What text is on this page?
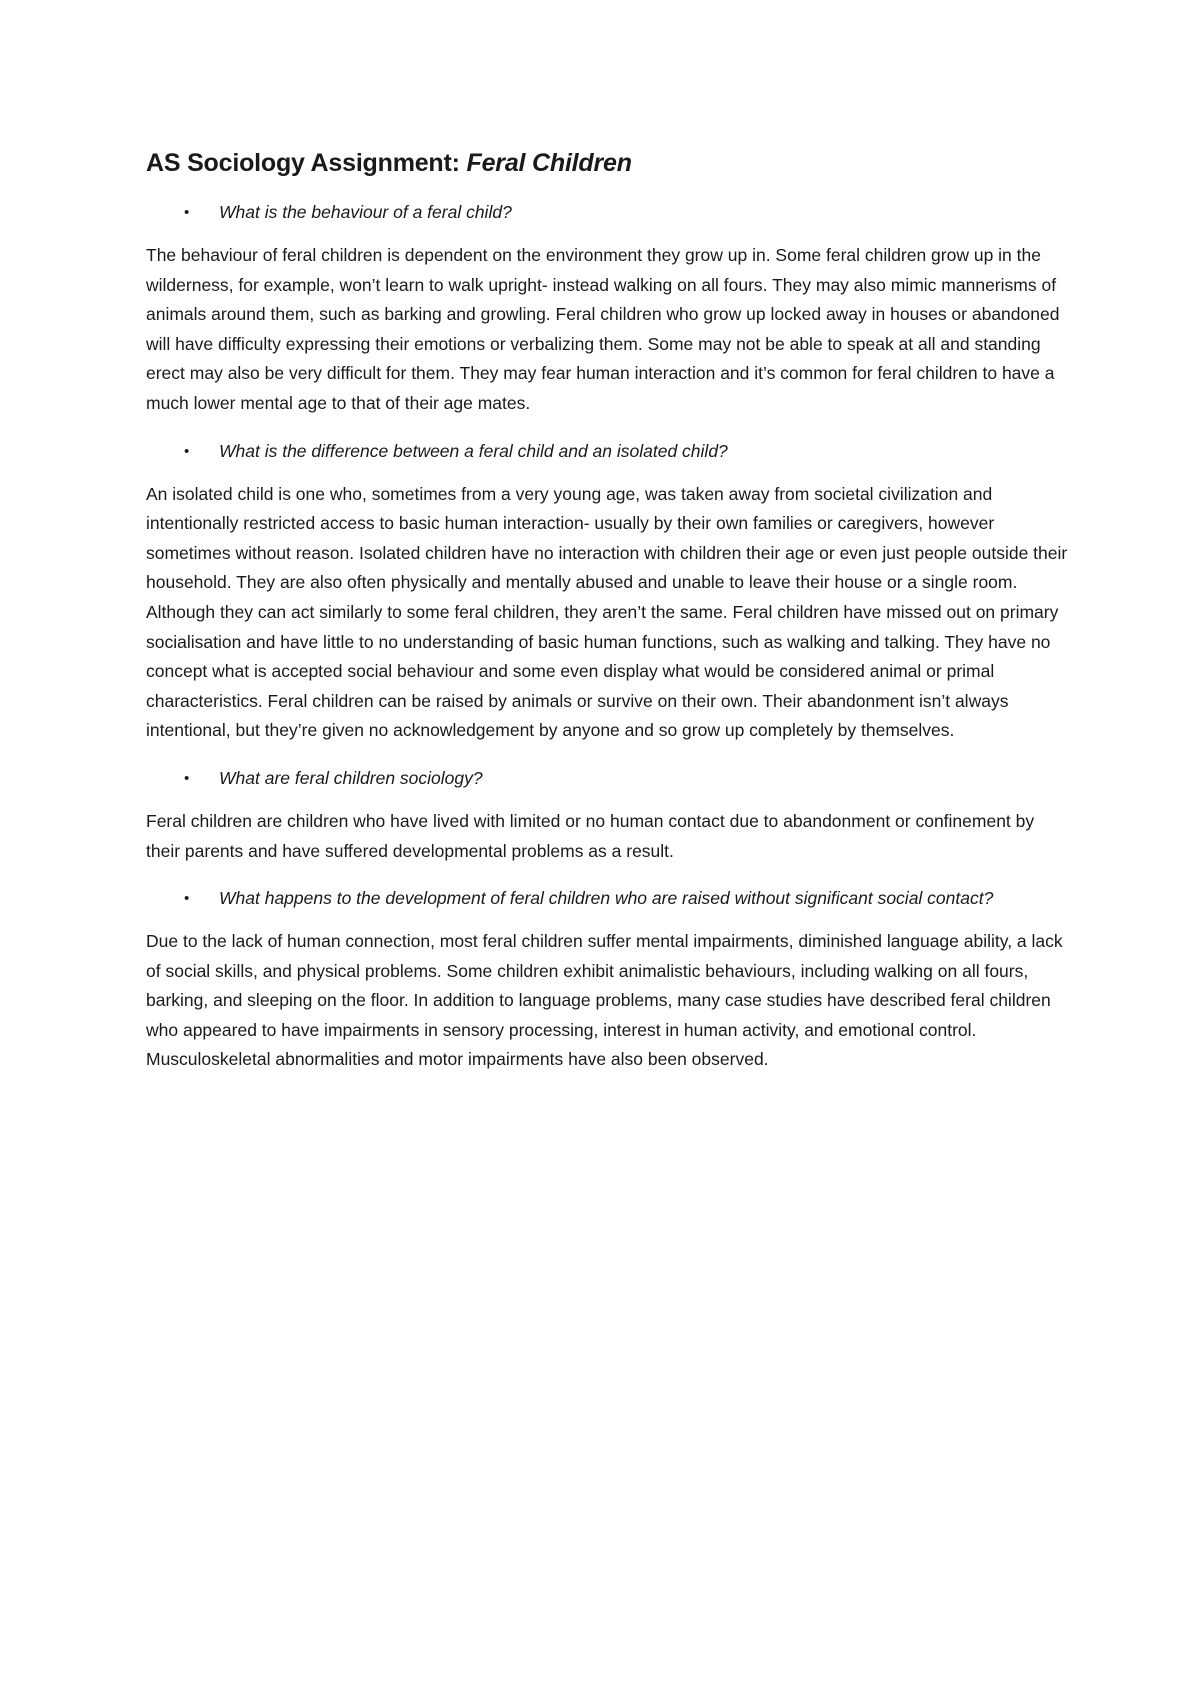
AS Sociology Assignment: Feral Children
• What is the behaviour of a feral child?

The behaviour of feral children is dependent on the environment they grow up in. Some feral children grow up in the wilderness, for example, won’t learn to walk upright- instead walking on all fours. They may also mimic mannerisms of animals around them, such as barking and growling. Feral children who grow up locked away in houses or abandoned will have difficulty expressing their emotions or verbalizing them. Some may not be able to speak at all and standing erect may also be very difficult for them. They may fear human interaction and it’s common for feral children to have a much lower mental age to that of their age mates.

• What is the difference between a feral child and an isolated child?

An isolated child is one who, sometimes from a very young age, was taken away from societal civilization and intentionally restricted access to basic human interaction- usually by their own families or caregivers, however sometimes without reason. Isolated children have no interaction with children their age or even just people outside their household. They are also often physically and mentally abused and unable to leave their house or a single room. Although they can act similarly to some feral children, they aren’t the same. Feral children have missed out on primary socialisation and have little to no understanding of basic human functions, such as walking and talking. They have no concept what is accepted social behaviour and some even display what would be considered animal or primal characteristics. Feral children can be raised by animals or survive on their own. Their abandonment isn’t always intentional, but they’re given no acknowledgement by anyone and so grow up completely by themselves.

• What are feral children sociology?

Feral children are children who have lived with limited or no human contact due to abandonment or confinement by their parents and have suffered developmental problems as a result.

• What happens to the development of feral children who are raised without significant social contact?

Due to the lack of human connection, most feral children suffer mental impairments, diminished language ability, a lack of social skills, and physical problems. Some children exhibit animalistic behaviours, including walking on all fours, barking, and sleeping on the floor. In addition to language problems, many case studies have described feral children who appeared to have impairments in sensory processing, interest in human activity, and emotional control. Musculoskeletal abnormalities and motor impairments have also been observed.
